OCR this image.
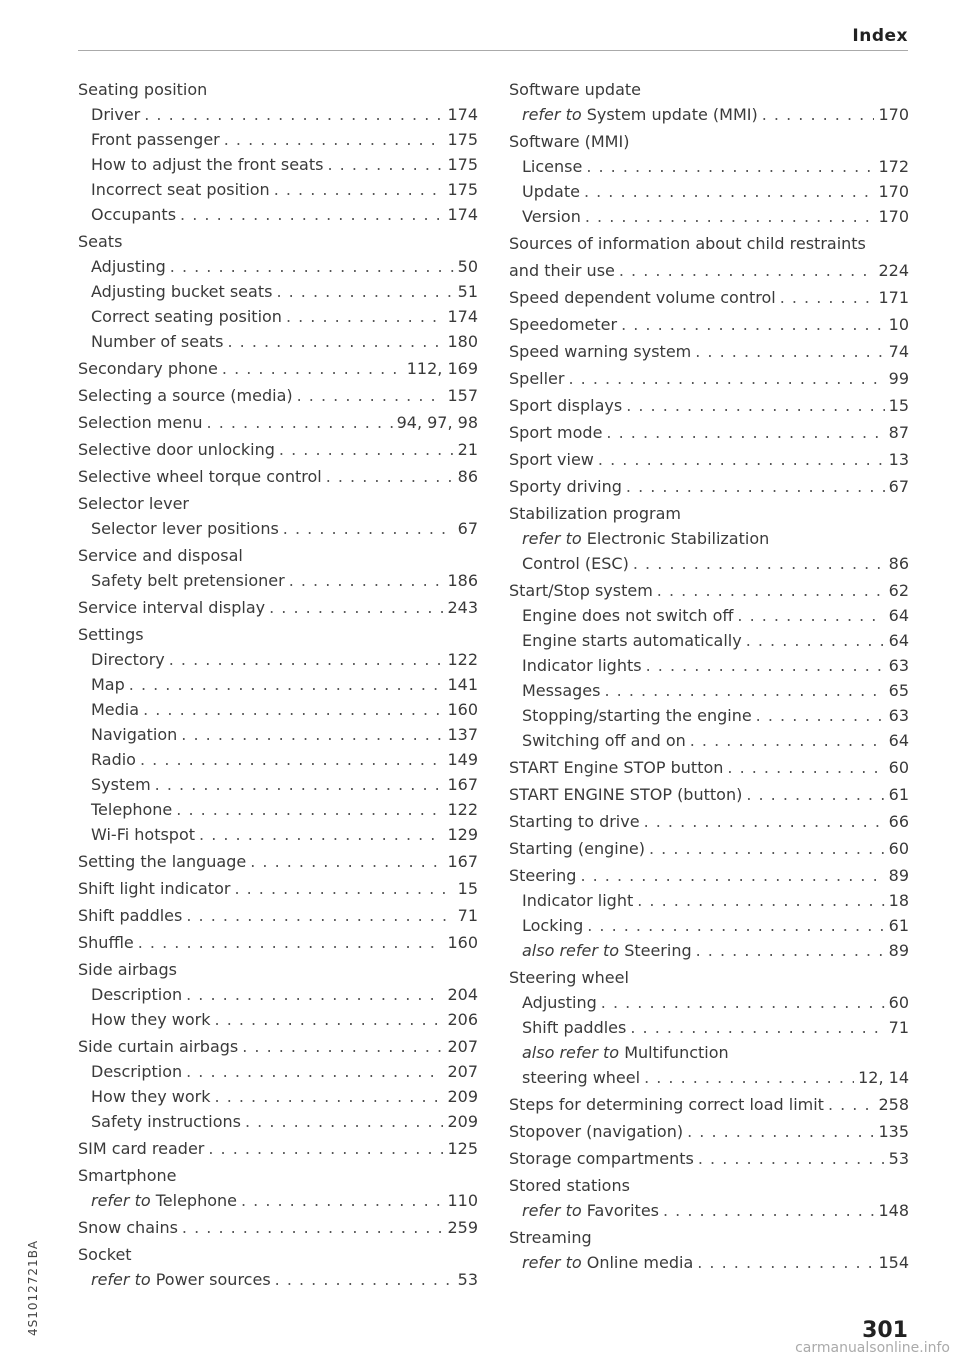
Index
Seating position
Driver . . .	174
Front passenger . . .	175
How to adjust the front seats . . .	175
Incorrect seat position . . .	175
Occupants . . .	174
Seats
Adjusting . . .	50
Adjusting bucket seats . . .	51
Correct seating position . . .	174
Number of seats . . .	180
Secondary phone . . .	112, 169
Selecting a source (media) . . .	157
Selection menu . . .	94, 97, 98
Selective door unlocking . . .	21
Selective wheel torque control . . .	86
Selector lever
Selector lever positions . . .	67
Service and disposal
Safety belt pretensioner . . .	186
Service interval display . . .	243
Settings
Directory . . .	122
Map . . .	141
Media . . .	160
Navigation . . .	137
Radio . . .	149
System . . .	167
Telephone . . .	122
Wi-Fi hotspot . . .	129
Setting the language . . .	167
Shift light indicator . . .	15
Shift paddles . . .	71
Shuffle . . .	160
Side airbags
Description . . .	204
How they work . . .	206
Side curtain airbags . . .	207
Description . . .	207
How they work . . .	209
Safety instructions . . .	209
SIM card reader . . .	125
Smartphone
refer to Telephone . . .	110
Snow chains . . .	259
Socket
refer to Power sources . . .	53
Software update
refer to System update (MMI) . . .	170
Software (MMI)
License . . .	172
Update . . .	170
Version . . .	170
Sources of information about child restraints
and their use . . .	224
Speed dependent volume control . . .	171
Speedometer . . .	10
Speed warning system . . .	74
Speller . . .	99
Sport displays . . .	15
Sport mode . . .	87
Sport view . . .	13
Sporty driving . . .	67
Stabilization program
refer to Electronic Stabilization
Control (ESC) . . .	86
Start/Stop system . . .	62
Engine does not switch off . . .	64
Engine starts automatically . . .	64
Indicator lights . . .	63
Messages . . .	65
Stopping/starting the engine . . .	63
Switching off and on . . .	64
START Engine STOP button . . .	60
START ENGINE STOP (button) . . .	61
Starting to drive . . .	66
Starting (engine) . . .	60
Steering . . .	89
Indicator light . . .	18
Locking . . .	61
also refer to Steering . . .	89
Steering wheel
Adjusting . . .	60
Shift paddles . . .	71
also refer to Multifunction
steering wheel . . .	12, 14
Steps for determining correct load limit . . .	258
Stopover (navigation) . . .	135
Storage compartments . . .	53
Stored stations
refer to Favorites . . .	148
Streaming
refer to Online media . . .	154
4S1012721BA	301
carmanualsonline.info
